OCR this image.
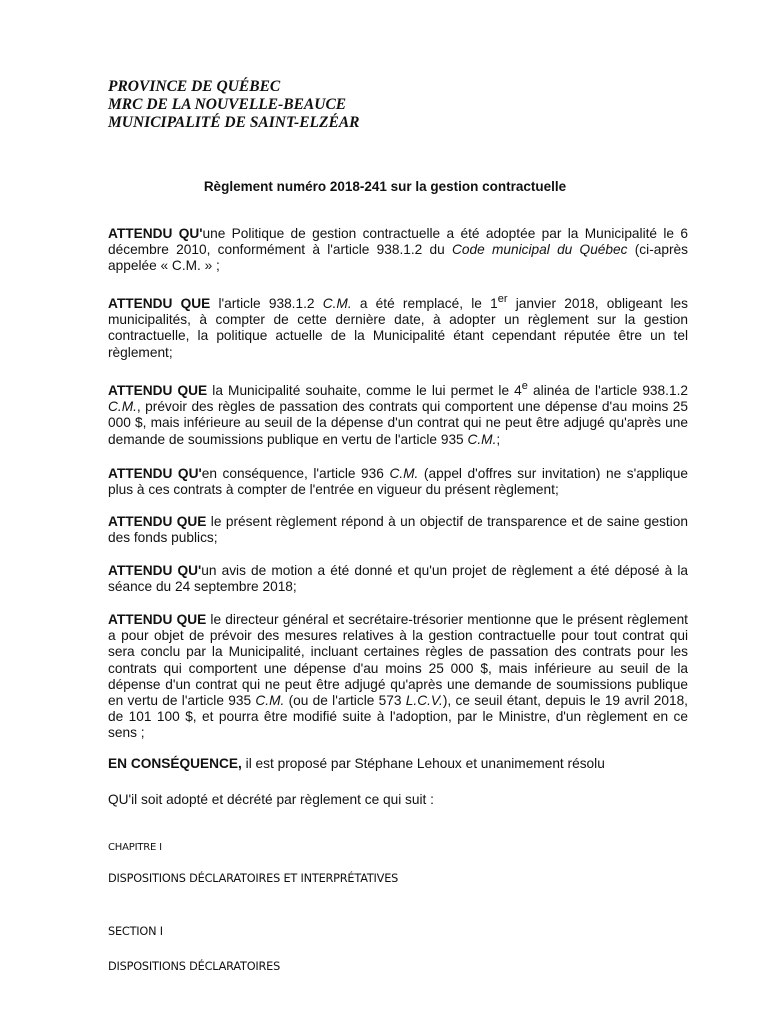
PROVINCE DE QUÉBEC
MRC DE LA NOUVELLE-BEAUCE
MUNICIPALITÉ DE SAINT-ELZÉAR
Règlement numéro 2018-241 sur la gestion contractuelle
ATTENDU QU'une Politique de gestion contractuelle a été adoptée par la Municipalité le 6 décembre 2010, conformément à l'article 938.1.2 du Code municipal du Québec (ci-après appelée « C.M. » ;
ATTENDU QUE l'article 938.1.2 C.M. a été remplacé, le 1er janvier 2018, obligeant les municipalités, à compter de cette dernière date, à adopter un règlement sur la gestion contractuelle, la politique actuelle de la Municipalité étant cependant réputée être un tel règlement;
ATTENDU QUE la Municipalité souhaite, comme le lui permet le 4e alinéa de l'article 938.1.2 C.M., prévoir des règles de passation des contrats qui comportent une dépense d'au moins 25 000 $, mais inférieure au seuil de la dépense d'un contrat qui ne peut être adjugé qu'après une demande de soumissions publique en vertu de l'article 935 C.M.;
ATTENDU QU'en conséquence, l'article 936 C.M. (appel d'offres sur invitation) ne s'applique plus à ces contrats à compter de l'entrée en vigueur du présent règlement;
ATTENDU QUE le présent règlement répond à un objectif de transparence et de saine gestion des fonds publics;
ATTENDU QU'un avis de motion a été donné et qu'un projet de règlement a été déposé à la séance du 24 septembre 2018;
ATTENDU QUE le directeur général et secrétaire-trésorier mentionne que le présent règlement a pour objet de prévoir des mesures relatives à la gestion contractuelle pour tout contrat qui sera conclu par la Municipalité, incluant certaines règles de passation des contrats pour les contrats qui comportent une dépense d'au moins 25 000 $, mais inférieure au seuil de la dépense d'un contrat qui ne peut être adjugé qu'après une demande de soumissions publique en vertu de l'article 935 C.M. (ou de l'article 573 L.C.V.), ce seuil étant, depuis le 19 avril 2018, de 101 100 $, et pourra être modifié suite à l'adoption, par le Ministre, d'un règlement en ce sens ;
EN CONSÉQUENCE, il est proposé par Stéphane Lehoux et unanimement résolu
QU'il soit adopté et décrété par règlement ce qui suit :
CHAPITRE I
DISPOSITIONS DÉCLARATOIRES ET INTERPRÉTATIVES
SECTION I
DISPOSITIONS DÉCLARATOIRES
